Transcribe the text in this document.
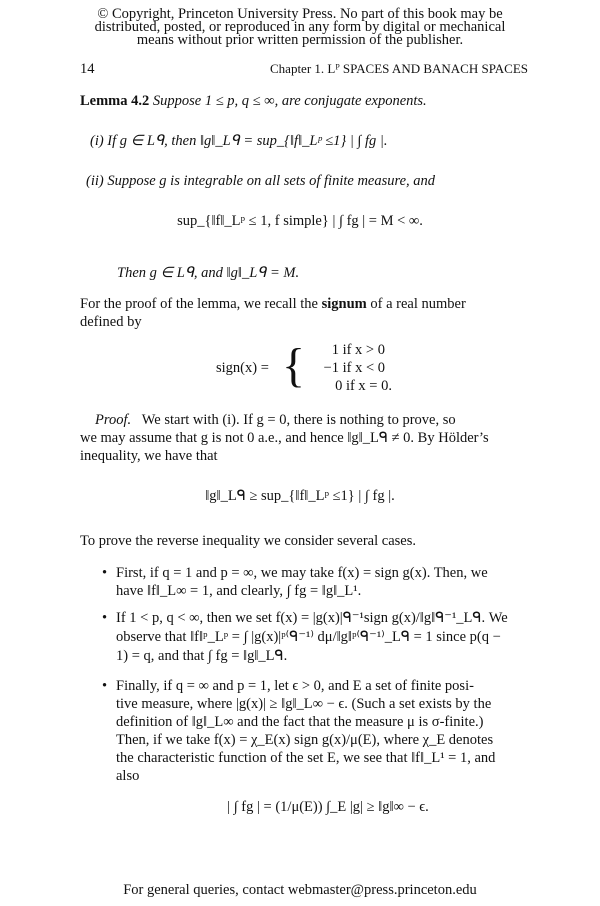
© Copyright, Princeton University Press. No part of this book may be
distributed, posted, or reproduced in any form by digital or mechanical
means without prior written permission of the publisher.
14	Chapter 1. Lᴾ SPACES AND BANACH SPACES
Lemma 4.2 Suppose 1 ≤ p, q ≤ ∞, are conjugate exponents.
(i) If g ∈ Lᑫ, then ‖g‖_Lᑫ = sup_{‖f‖_Lᵖ ≤1} | ∫ fg |.
(ii) Suppose g is integrable on all sets of finite measure, and
sup_{‖f‖_Lᵖ ≤ 1, f simple} | ∫ fg | = M < ∞.
Then g ∈ Lᑫ, and ‖g‖_Lᑫ = M.
For the proof of the lemma, we recall the signum of a real number
defined by
sign(x) = {	1 if x > 0
−1 if x < 0
0 if x = 0.
Proof. We start with (i). If g = 0, there is nothing to prove, so
we may assume that g is not 0 a.e., and hence ‖g‖_Lᑫ ≠ 0. By Hölder’s
inequality, we have that
‖g‖_Lᑫ ≥ sup_{‖f‖_Lᵖ ≤1} | ∫ fg |.
To prove the reverse inequality we consider several cases.
• First, if q = 1 and p = ∞, we may take f(x) = sign g(x). Then, we
have ‖f‖_L∞ = 1, and clearly, ∫ fg = ‖g‖_L¹.
• If 1 < p, q < ∞, then we set f(x) = |g(x)|ᑫ⁻¹sign g(x)/‖g‖ᑫ⁻¹_Lᑫ. We
observe that ‖f‖ᵖ_Lᵖ = ∫ |g(x)|ᵖ⁽ᑫ⁻¹⁾ dμ/‖g‖ᵖ⁽ᑫ⁻¹⁾_Lᑫ = 1 since p(q −
1) = q, and that ∫ fg = ‖g‖_Lᑫ.
• Finally, if q = ∞ and p = 1, let ϵ > 0, and E a set of finite posi-
tive measure, where |g(x)| ≥ ‖g‖_L∞ − ϵ. (Such a set exists by the
definition of ‖g‖_L∞ and the fact that the measure μ is σ-finite.)
Then, if we take f(x) = χ_E(x) sign g(x)/μ(E), where χ_E denotes
the characteristic function of the set E, we see that ‖f‖_L¹ = 1, and
also
| ∫ fg | = (1/μ(E)) ∫_E |g| ≥ ‖g‖∞ − ϵ.
For general queries, contact webmaster@press.princeton.edu
